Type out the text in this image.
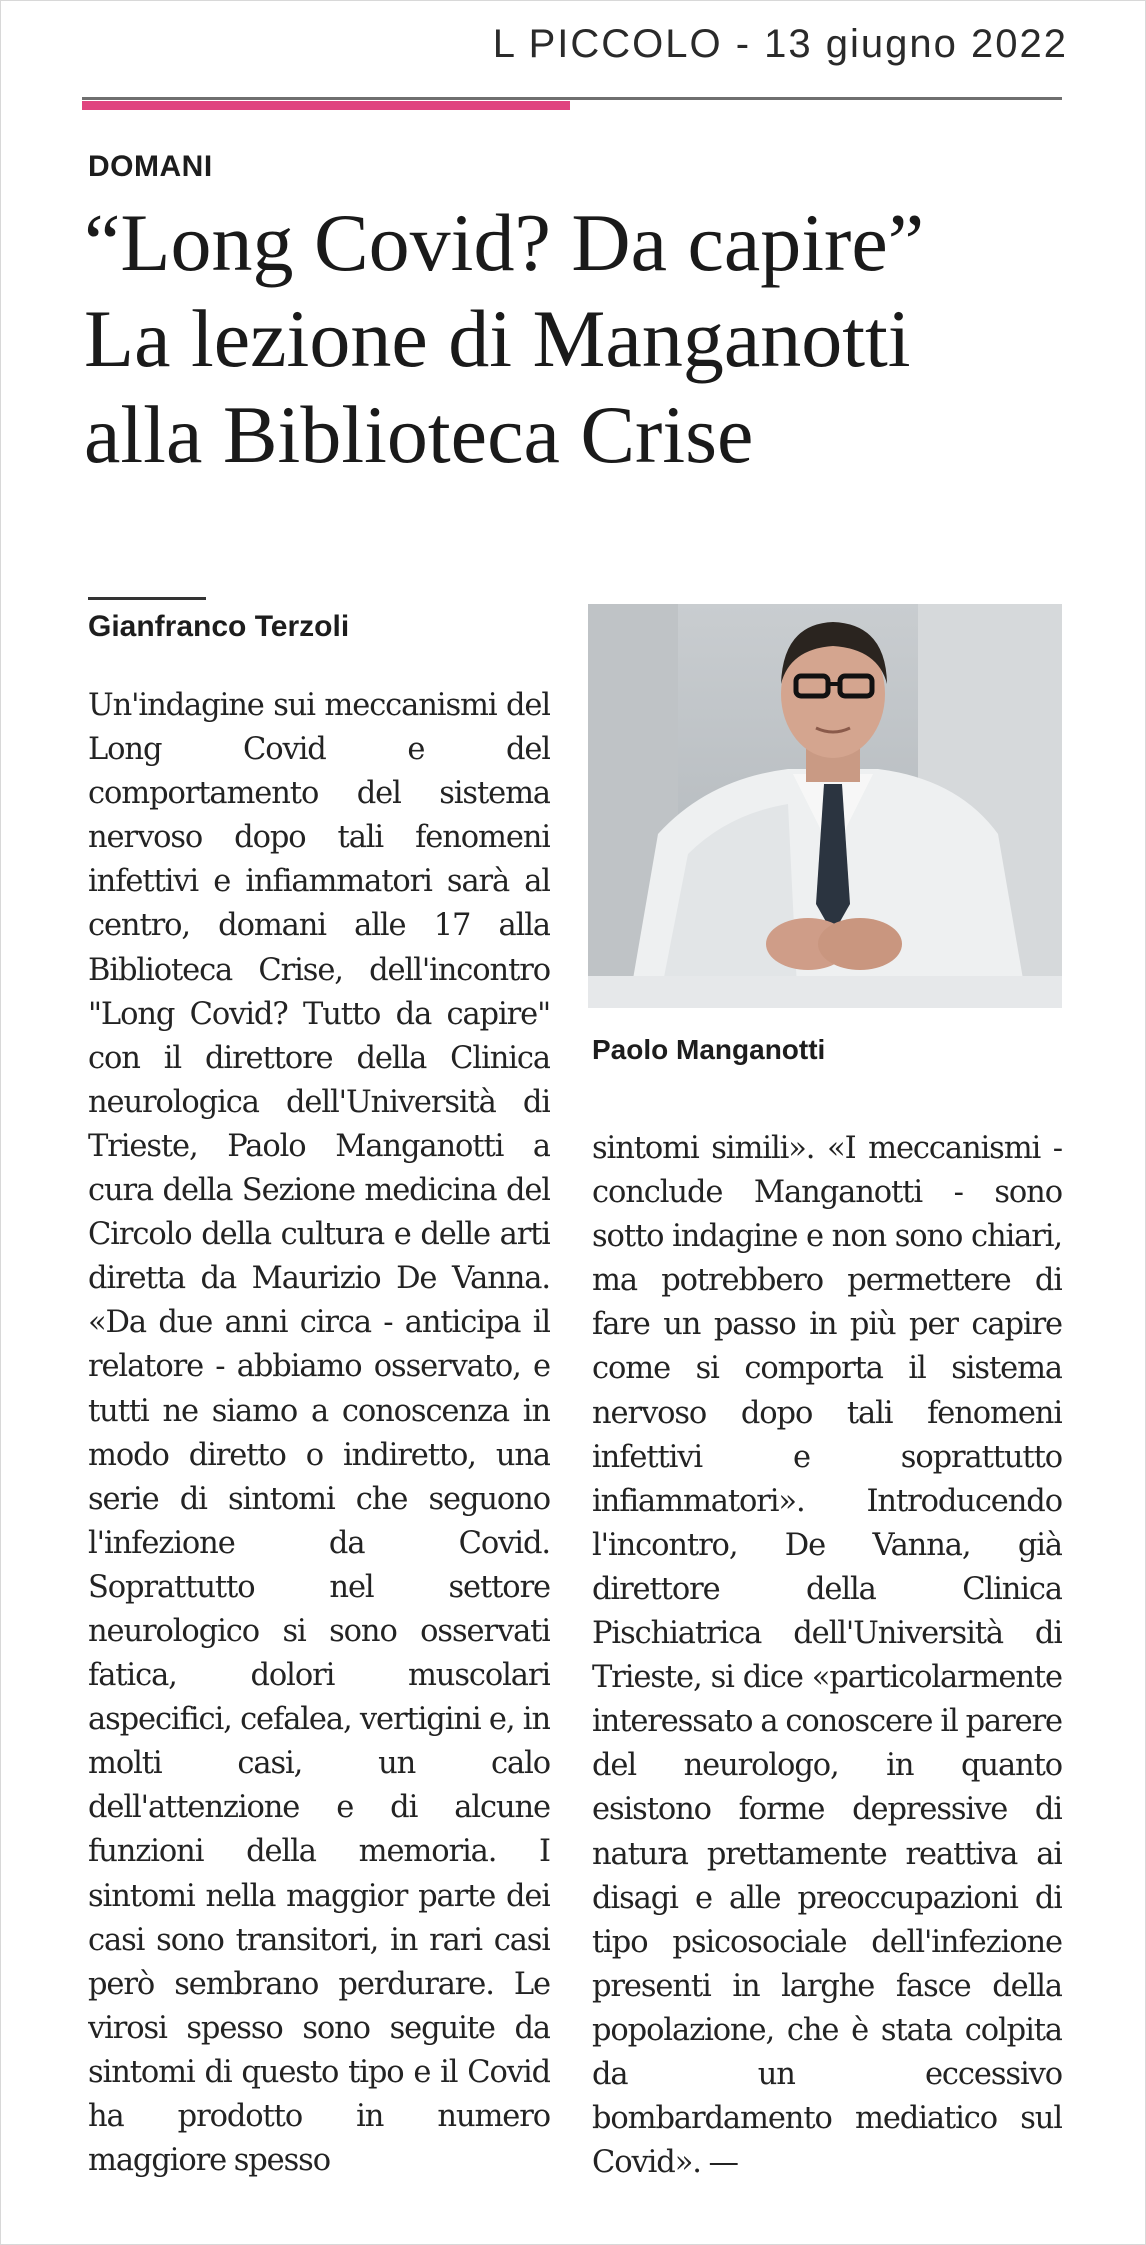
L PICCOLO - 13 giugno 2022
DOMANI
“Long Covid? Da capire”
La lezione di Manganotti
alla Biblioteca Crise
Gianfranco Terzoli
Un'indagine sui meccanismi del Long Covid e del comportamento del sistema nervoso dopo tali fenomeni infettivi e infiammatori sarà al centro, domani alle 17 alla Biblioteca Crise, dell'incontro "Long Covid? Tutto da capire" con il direttore della Clinica neurologica dell'Università di Trieste, Paolo Manganotti a cura della Sezione medicina del Circolo della cultura e delle arti diretta da Maurizio De Vanna. «Da due anni circa - anticipa il relatore - abbiamo osservato, e tutti ne siamo a conoscenza in modo diretto o indiretto, una serie di sintomi che seguono l'infezione da Covid. Soprattutto nel settore neurologico si sono osservati fatica, dolori muscolari aspecifici, cefalea, vertigini e, in molti casi, un calo dell'attenzione e di alcune funzioni della memoria. I sintomi nella maggior parte dei casi sono transitori, in rari casi però sembrano perdurare. Le virosi spesso sono seguite da sintomi di questo tipo e il Covid ha prodotto in numero maggiore spesso
Paolo Manganotti
sintomi simili». «I meccanismi - conclude Manganotti - sono sotto indagine e non sono chiari, ma potrebbero permettere di fare un passo in più per capire come si comporta il sistema nervoso dopo tali fenomeni infettivi e soprattutto infiammatori». Introducendo l'incontro, De Vanna, già direttore della Clinica Pischiatrica dell'Università di Trieste, si dice «particolarmente interessato a conoscere il parere del neurologo, in quanto esistono forme depressive di natura prettamente reattiva ai disagi e alle preoccupazioni di tipo psicosociale dell'infezione presenti in larghe fasce della popolazione, che è stata colpita da un eccessivo bombardamento mediatico sul Covid». —
